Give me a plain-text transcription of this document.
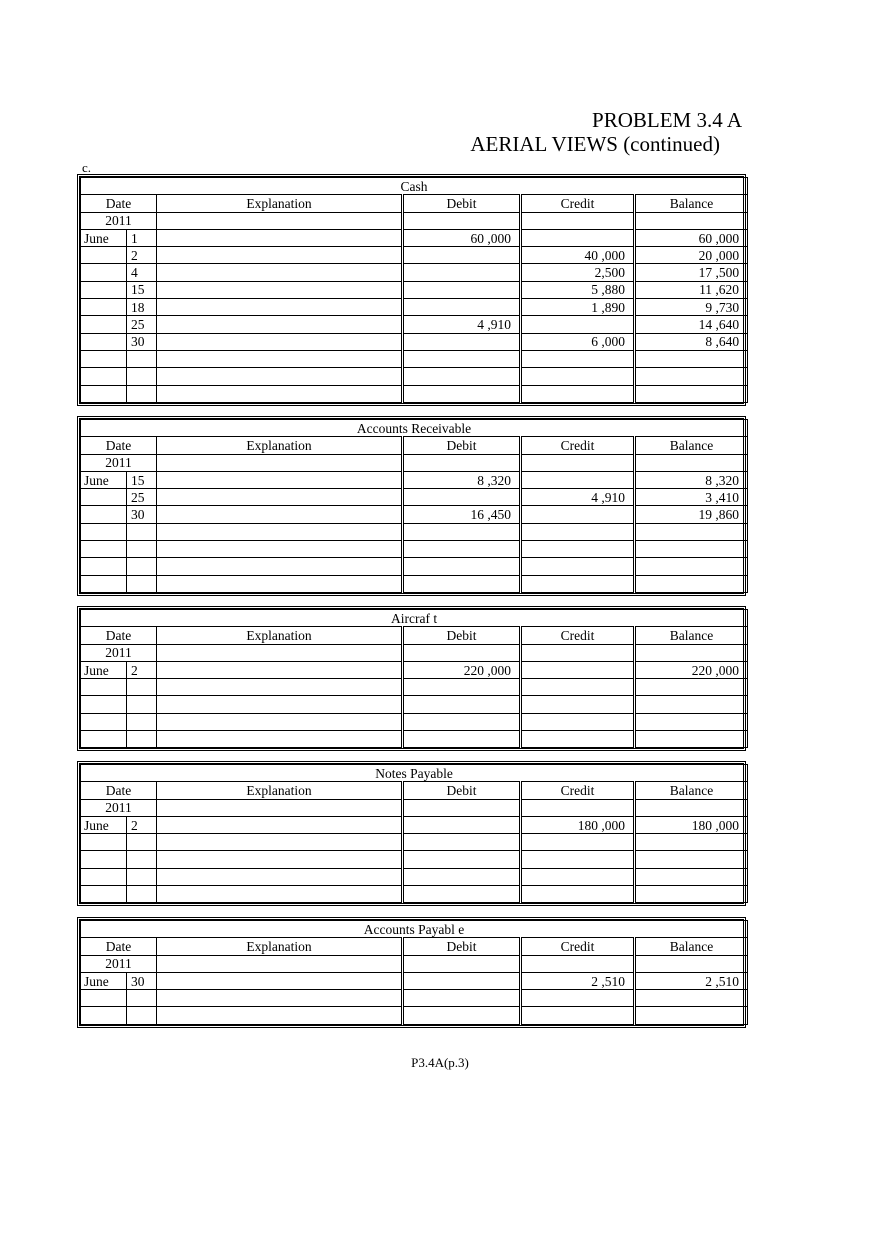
PROBLEM 3.4 A
AERIAL VIEWS (continued)
c.
Cash					
Date		Explanation	Debit	Credit	Balance
2011					
June	1		60 ,000		60 ,000
	2			40 ,000	20 ,000
	4			2,500	17 ,500
	15			5 ,880	11 ,620
	18			1 ,890	9 ,730
	25		4 ,910		14 ,640
	30			6 ,000	8 ,640

Accounts Receivable					
Date		Explanation	Debit	Credit	Balance
2011					
June	15		8 ,320		8 ,320
	25			4 ,910	3 ,410
	30		16 ,450		19 ,860

Aircraf t					
Date		Explanation	Debit	Credit	Balance
2011					
June	2		220 ,000		220 ,000

Notes Payable					
Date		Explanation	Debit	Credit	Balance
2011					
June	2			180 ,000	180 ,000

Accounts Payabl e					
Date		Explanation	Debit	Credit	Balance
2011					
June	30			2 ,510	2 ,510

P3.4A(p.3)
